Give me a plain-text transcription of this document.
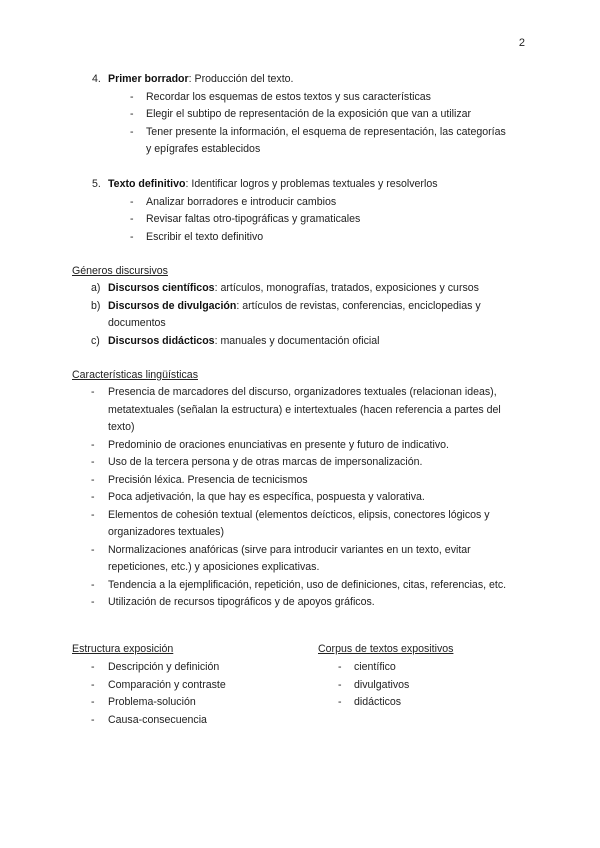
2
4. Primer borrador: Producción del texto.
- Recordar los esquemas de estos textos y sus características
- Elegir el subtipo de representación de la exposición que van a utilizar
- Tener presente la información, el esquema de representación, las categorías
y epígrafes establecidos
5. Texto definitivo: Identificar logros y problemas textuales y resolverlos
- Analizar borradores e introducir cambios
- Revisar faltas otro-tipográficas y gramaticales
- Escribir el texto definitivo
Géneros discursivos
a) Discursos científicos: artículos, monografías, tratados, exposiciones y cursos
b) Discursos de divulgación: artículos de revistas, conferencias, enciclopedias y
documentos
c) Discursos didácticos: manuales y documentación oficial
Características lingüísticas
- Presencia de marcadores del discurso, organizadores textuales (relacionan ideas),
metatextuales (señalan la estructura) e intertextuales (hacen referencia a partes del
texto)
- Predominio de oraciones enunciativas en presente y futuro de indicativo.
- Uso de la tercera persona y de otras marcas de impersonalización.
- Precisión léxica. Presencia de tecnicismos
- Poca adjetivación, la que hay es específica, pospuesta y valorativa.
- Elementos de cohesión textual (elementos deícticos, elipsis, conectores lógicos y
organizadores textuales)
- Normalizaciones anafóricas (sirve para introducir variantes en un texto, evitar
repeticiones, etc.) y aposiciones explicativas.
- Tendencia a la ejemplificación, repetición, uso de definiciones, citas, referencias, etc.
- Utilización de recursos tipográficos y de apoyos gráficos.
Estructura exposición
- Descripción y definición
- Comparación y contraste
- Problema-solución
- Causa-consecuencia
Corpus de textos expositivos
- científico
- divulgativos
- didácticos
